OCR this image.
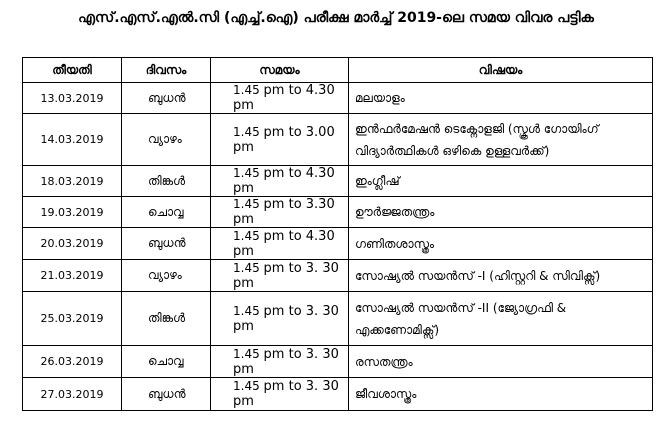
എസ്.എസ്.എൽ.സി (എച്ച്.ഐ) പരീക്ഷ മാർച്ച് 2019-ലെ സമയ വിവര പട്ടിക
തീയതി	ദിവസം	സമയം	വിഷയം
13.03.2019	ബുധൻ	1.45 pm to 4.30 pm	മലയാളം
14.03.2019	വ്യാഴം	1.45 pm to 3.00 pm	ഇൻഫർമേഷൻ ടെക്നോളജി (സ്കൂൾ ഗോയിംഗ് വിദ്യാർത്ഥികൾ ഒഴികെ ഉള്ളവർക്ക്)
18.03.2019	തിങ്കൾ	1.45 pm to 4.30 pm	ഇംഗ്ലീഷ്
19.03.2019	ചൊവ്വ	1.45 pm to 3.30 pm	ഊർജ്ജതന്ത്രം
20.03.2019	ബുധൻ	1.45 pm to 4.30 pm	ഗണിതശാസ്ത്രം
21.03.2019	വ്യാഴം	1.45 pm to 3. 30 pm	സോഷ്യൽ സയൻസ് -I (ഹിസ്റ്ററി & സിവിക്സ്)
25.03.2019	തിങ്കൾ	1.45 pm to 3. 30 pm	സോഷ്യൽ സയൻസ് -II (ജ്യോഗ്രഫി & എക്കണോമിക്സ്)
26.03.2019	ചൊവ്വ	1.45 pm to 3. 30 pm	രസതന്ത്രം
27.03.2019	ബുധൻ	1.45 pm to 3. 30 pm	ജീവശാസ്ത്രം
